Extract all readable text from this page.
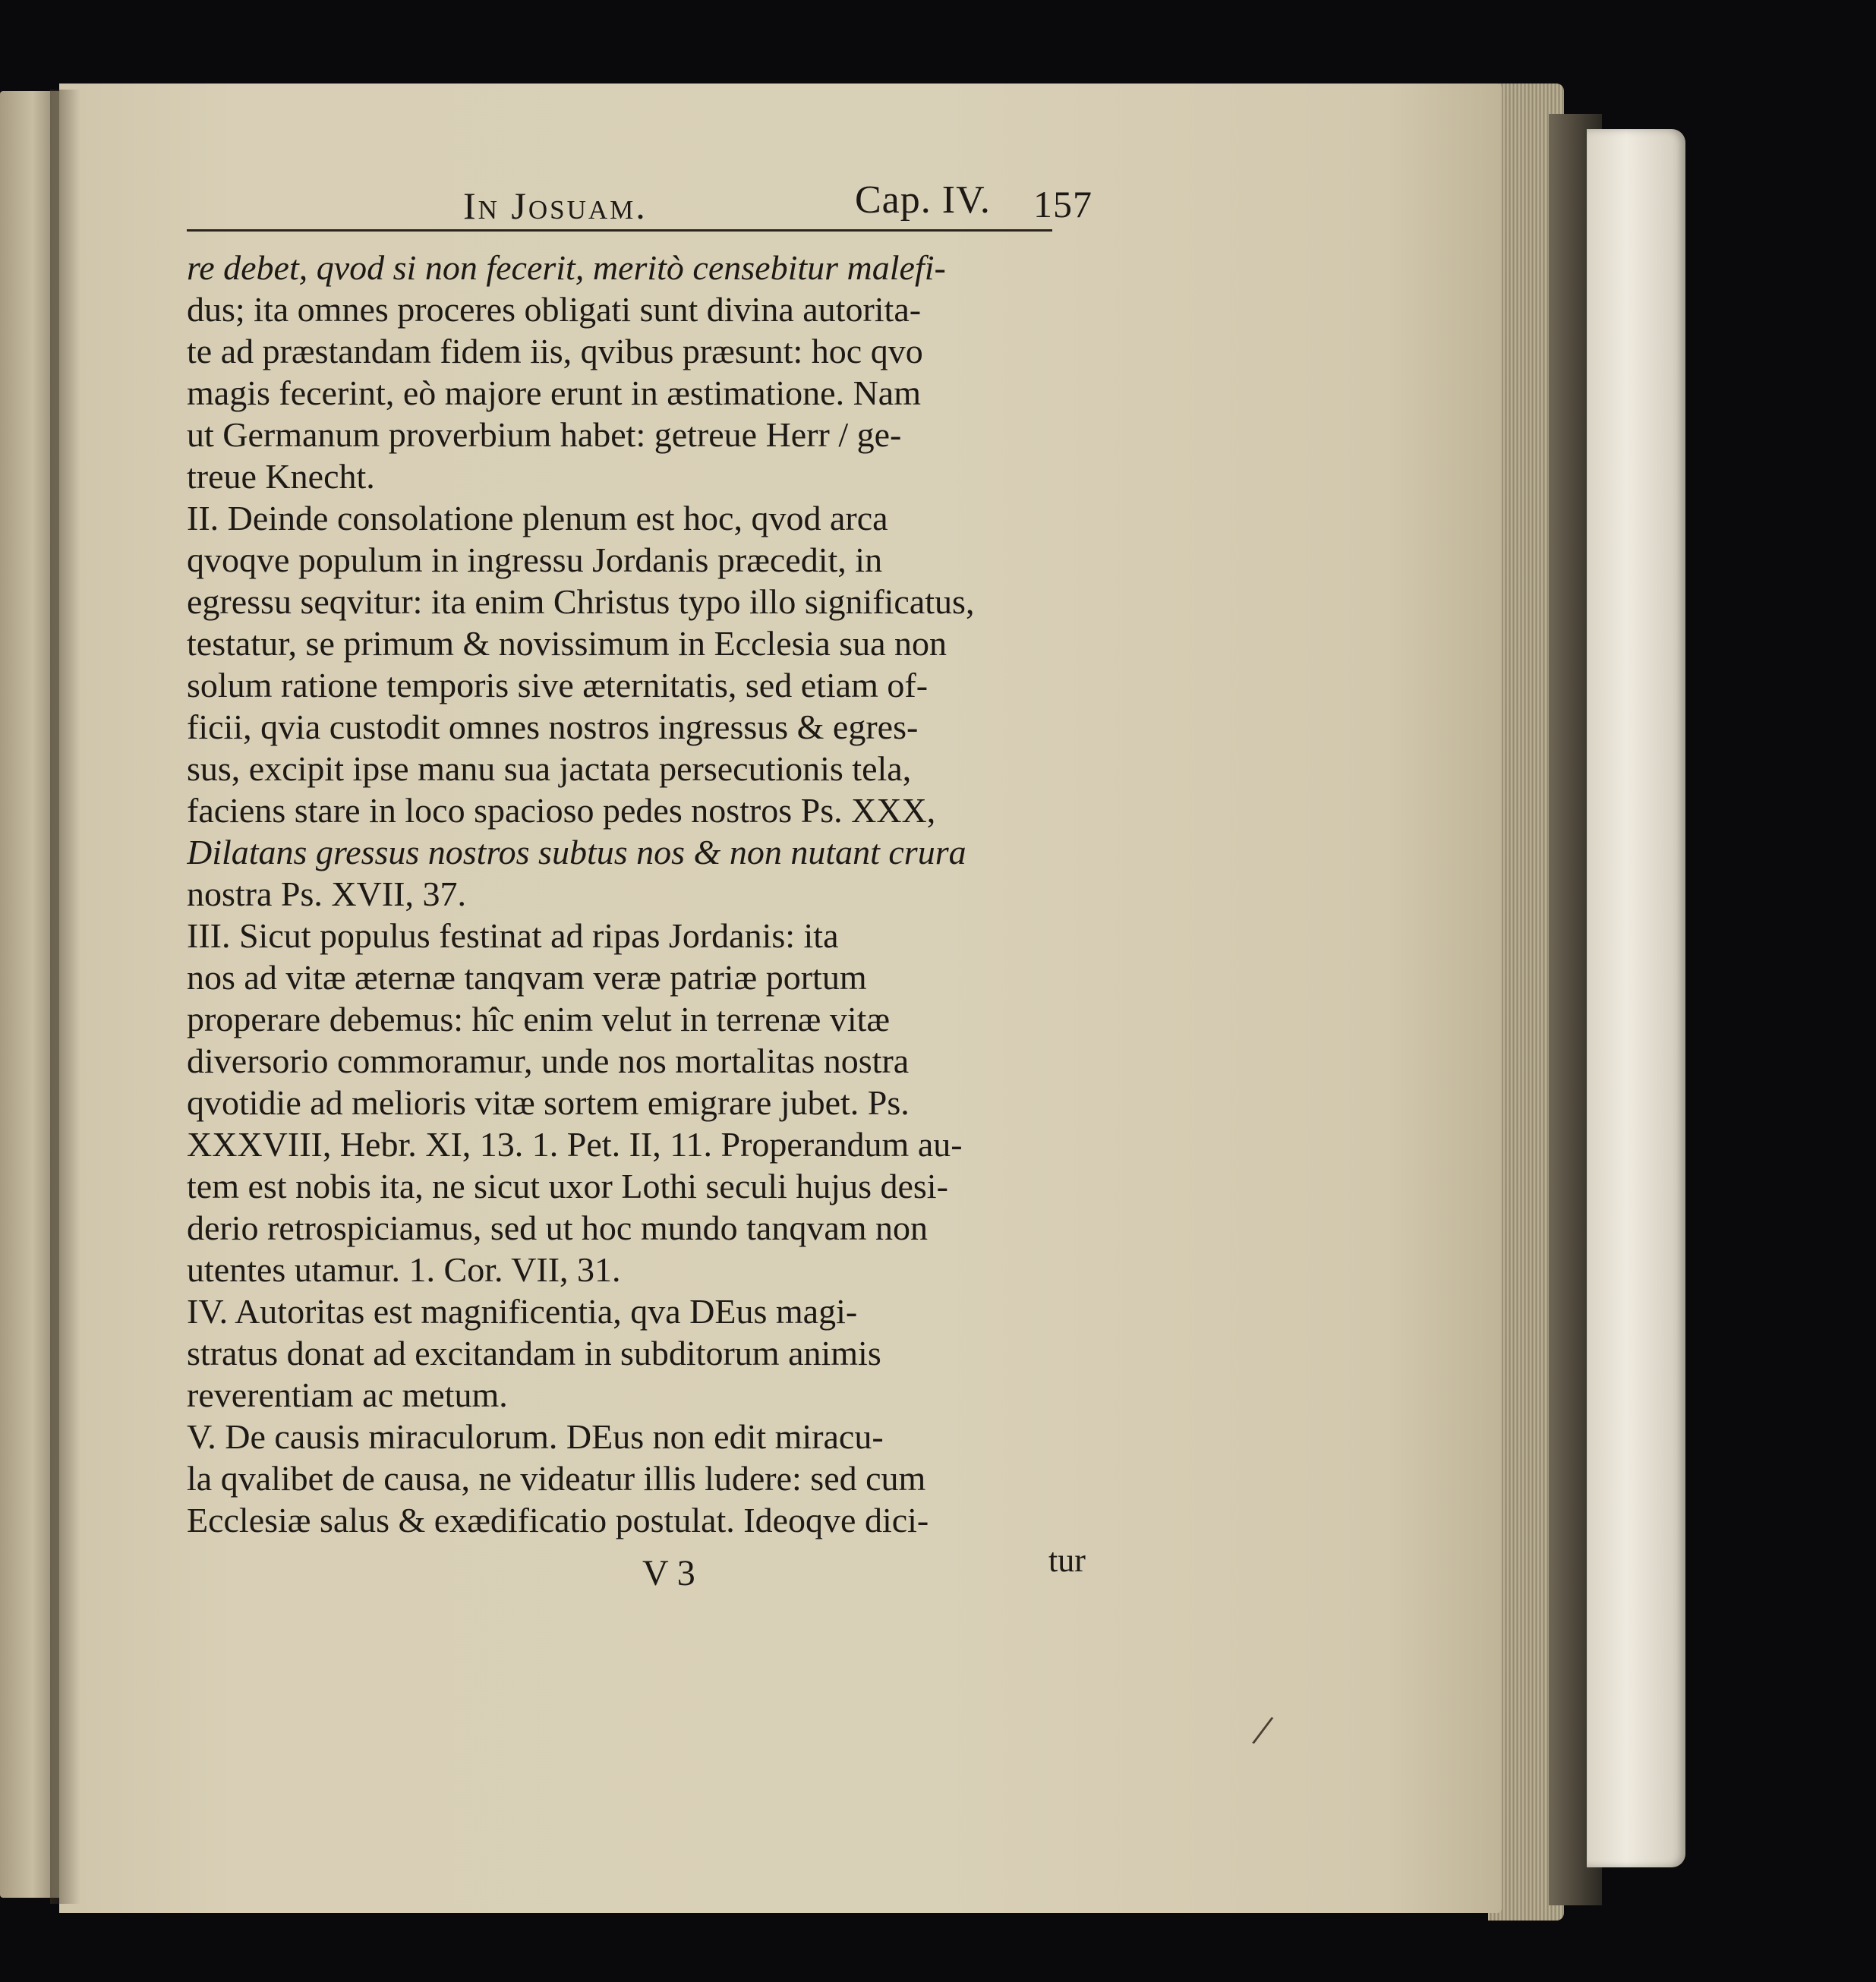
In Josuam.	Cap. IV. 157
re debet, qvod si non fecerit, meritò censebitur malefi-
dus; ita omnes proceres obligati sunt divina autorita-
te ad præstandam fidem iis, qvibus præsunt: hoc qvo
magis fecerint, eò majore erunt in æstimatione. Nam
ut Germanum proverbium habet: getreue Herr / ge-
treue Knecht.
II. Deinde consolatione plenum est hoc, qvod arca
qvoqve populum in ingressu Jordanis præcedit, in
egressu seqvitur: ita enim Christus typo illo significatus,
testatur, se primum & novissimum in Ecclesia sua non
solum ratione temporis sive æternitatis, sed etiam of-
ficii, qvia custodit omnes nostros ingressus & egres-
sus, excipit ipse manu sua jactata persecutionis tela,
faciens stare in loco spacioso pedes nostros Ps. XXX,
Dilatans gressus nostros subtus nos & non nutant crura
nostra Ps. XVII, 37.
III. Sicut populus festinat ad ripas Jordanis: ita
nos ad vitæ æternæ tanqvam veræ patriæ portum
properare debemus: hîc enim velut in terrenæ vitæ
diversorio commoramur, unde nos mortalitas nostra
qvotidie ad melioris vitæ sortem emigrare jubet. Ps.
XXXVIII, Hebr. XI, 13. 1. Pet. II, 11. Properandum au-
tem est nobis ita, ne sicut uxor Lothi seculi hujus desi-
derio retrospiciamus, sed ut hoc mundo tanqvam non
utentes utamur. 1. Cor. VII, 31.
IV. Autoritas est magnificentia, qva DEus magi-
stratus donat ad excitandam in subditorum animis
reverentiam ac metum.
V. De causis miraculorum. DEus non edit miracu-
la qvalibet de causa, ne videatur illis ludere: sed cum
Ecclesiæ salus & exædificatio postulat. Ideoqve dici-
V 3	tur
/
